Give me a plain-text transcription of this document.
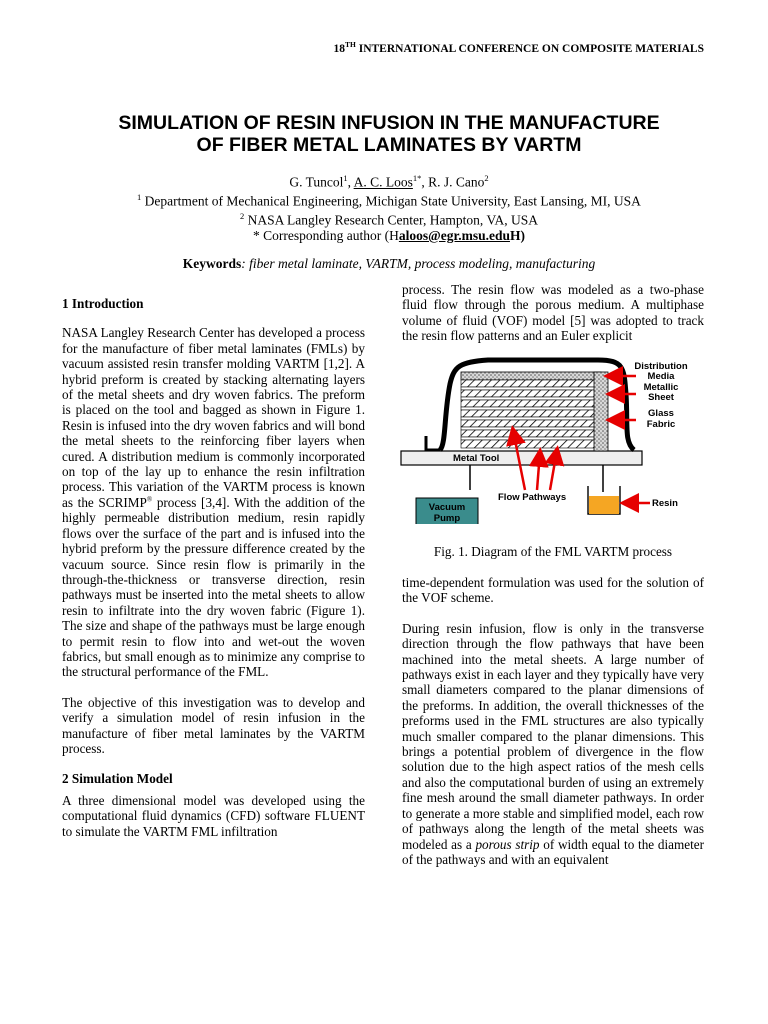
18TH INTERNATIONAL CONFERENCE ON COMPOSITE MATERIALS
SIMULATION OF RESIN INFUSION IN THE MANUFACTURE
OF FIBER METAL LAMINATES BY VARTM
G. Tuncol$^1$, A. C. Loos$^{1*}$, R. J. Cano$^2$
$^1$ Department of Mechanical Engineering, Michigan State University, East Lansing, MI, USA
$^2$ NASA Langley Research Center, Hampton, VA, USA
* Corresponding author (Haloos@egr.msu.eduH)
Keywords: fiber metal laminate, VARTM, process modeling, manufacturing
1 Introduction

NASA Langley Research Center has developed a process for the manufacture of fiber metal laminates (FMLs) by vacuum assisted resin transfer molding VARTM [1,2]. A hybrid preform is created by stacking alternating layers of the metal sheets and dry woven fabrics. The preform is placed on the tool and bagged as shown in Figure 1. Resin is infused into the dry woven fabrics and will bond the metal sheets to the reinforcing fiber layers when cured. A distribution medium is commonly incorporated on top of the lay up to enhance the resin infiltration process. This variation of the VARTM process is known as the SCRIMP® process [3,4]. With the addition of the highly permeable distribution medium, resin rapidly flows over the surface of the part and is infused into the hybrid preform by the pressure difference created by the vacuum source. Since resin flow is primarily in the through-the-thickness or transverse direction, resin pathways must be inserted into the metal sheets to allow resin to infiltrate into the dry woven fabric (Figure 1). The size and shape of the pathways must be large enough to permit resin to flow into and wet-out the woven fabrics, but small enough as to minimize any comprise to the structural performance of the FML.

The objective of this investigation was to develop and verify a simulation model of resin infusion in the manufacture of fiber metal laminates by the VARTM process.

2 Simulation Model

A three dimensional model was developed using the computational fluid dynamics (CFD) software FLUENT to simulate the VARTM FML infiltration

process. The resin flow was modeled as a two-phase fluid flow through the porous medium. A multiphase volume of fluid (VOF) model [5] was adopted to track the resin flow patterns and an Euler explicit

Vacuum
Pump
Distribution
Media
Metallic
Sheet
Glass
Fabric
Metal Tool
Flow Pathways
Resin
Fig. 1. Diagram of the FML VARTM process

time-dependent formulation was used for the solution of the VOF scheme.

During resin infusion, flow is only in the transverse direction through the flow pathways that have been machined into the metal sheets. A large number of pathways exist in each layer and they typically have very small diameters compared to the planar dimensions of the preforms. In addition, the overall thicknesses of the preforms used in the FML structures are also typically much smaller compared to the planar dimensions. This brings a potential problem of divergence in the flow solution due to the high aspect ratios of the mesh cells and also the computational burden of using an extremely fine mesh around the small diameter pathways. In order to generate a more stable and simplified model, each row of pathways along the length of the metal sheets was modeled as a porous strip of width equal to the diameter of the pathways and with an equivalent
